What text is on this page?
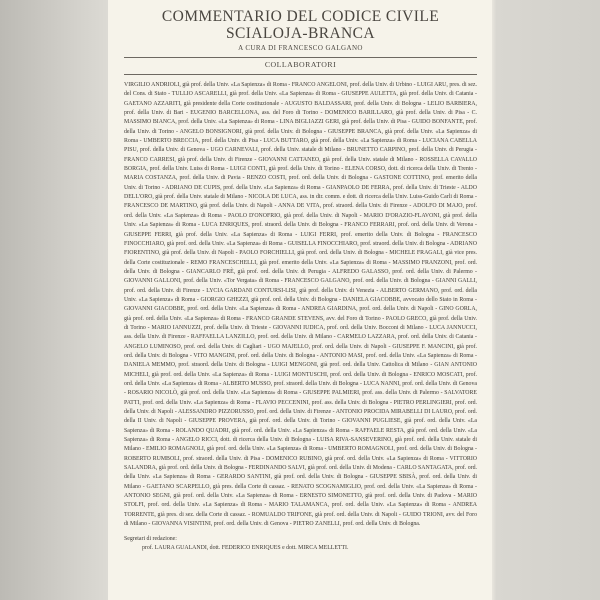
COMMENTARIO DEL CODICE CIVILE
SCIALOJA-BRANCA
A CURA DI FRANCESCO GALGANO
COLLABORATORI

VIRGILIO ANDRIOLI, già prof. della Univ. «La Sapienza» di Roma - FRANCO ANGELONI, prof. della Univ. di Urbino - LUIGI ARU, pres. di sez. del Cons. di Stato - TULLIO ASCARELLI, già prof. della Univ. «La Sapienza» di Roma - GIUSEPPE AULETTA, già prof. della Univ. di Catania - GAETANO AZZARITI, già presidente della Corte costituzionale - AUGUSTO BALDASSARI, prof. della Univ. di Bologna - LELIO BARBIERA, prof. della Univ. di Bari - EUGENIO BARCELLONA, ass. del Foro di Torino - DOMENICO BARILLARO, già prof. della Univ. di Pisa - C. MASSIMO BIANCA, prof. della Univ. «La Sapienza» di Roma - LINA BIGLIAZZI GERI, già prof. della Univ. di Pisa - GUIDO BONFANTE, prof. della Univ. di Torino - ANGELO BONSIGNORI, già prof. della Univ. di Bologna - GIUSEPPE BRANCA, già prof. della Univ. «La Sapienza» di Roma - UMBERTO BRECCIA, prof. della Univ. di Pisa - LUCA BUTTARO, già prof. della Univ. «La Sapienza» di Roma - LUCIANA CABELLA PISU, prof. della Univ. di Genova - UGO CARNEVALI, prof. della Univ. statale di Milano - BRUNETTO CARPINO, prof. della Univ. di Perugia - FRANCO CARRESI, già prof. della Univ. di Firenze - GIOVANNI CATTANEO, già prof. della Univ. statale di Milano - ROSSELLA CAVALLO BORGIA, prof. della Univ. Luiss di Roma - LUIGI CONTI, già prof. della Univ. di Torino - ELENA CORSO, dott. di ricerca della Univ. di Trento - MARIA COSTANZA, prof. della Univ. di Pavia - RENZO COSTI, prof. ord. della Univ. di Bologna - GASTONE COTTINO, prof. emerito della Univ. di Torino - ADRIANO DE CUPIS, prof. della Univ. «La Sapienza» di Roma - GIANPAOLO DE FERRA, prof. della Univ. di Trieste - ALDO DELL'ORO, già prof. della Univ. statale di Milano - NICOLA DE LUCA, ass. in dir. comm. e dott. di ricerca della Univ. Luiss-Guido Carli di Roma - FRANCESCO DE MARTINO, già prof. della Univ. di Napoli - ANNA DE VITA, prof. straord. della Univ. di Firenze - ADOLFO DI MAJO, prof. ord. della Univ. «La Sapienza» di Roma - PAOLO D'ONOFRIO, già prof. della Univ. di Napoli - MARIO D'ORAZIO-FLAVONI, già prof. della Univ. «La Sapienza» di Roma - LUCA ENRIQUES, prof. straord. della Univ. di Bologna - FRANCO FERRARI, prof. ord. della Univ. di Verona - GIUSEPPE FERRI, già prof. della Univ. «La Sapienza» di Roma - LUIGI FERRI, prof. emerito della Univ. di Bologna - FRANCESCO FINOCCHIARO, già prof. ord. della Univ. «La Sapienza» di Roma - GUISELLA FINOCCHIARO, prof. straord. della Univ. di Bologna - ADRIANO FIORENTINO, già prof. della Univ. di Napoli - PAOLO FORCHIELLI, già prof. ord. della Univ. di Bologna - MICHELE FRAGALI, già vice pres. della Corte costituzionale - REMO FRANCESCHELLI, già prof. emerito della Univ. «La Sapienza» di Roma - MASSIMO FRANZONI, prof. ord. della Univ. di Bologna - GIANCARLO FRÈ, già prof. ord. della Univ. di Perugia - ALFREDO GALASSO, prof. ord. della Univ. di Palermo - GIOVANNI GALLONI, prof. della Univ. «Tor Vergata» di Roma - FRANCESCO GALGANO, prof. ord. della Univ. di Bologna - GIANNI GALLI, prof. ord. della Univ. di Firenze - LYCIA GARDANI CONTURSI-LISI, già prof. della Univ. di Venezia - ALBERTO GERMANO, prof. ord. della Univ. «La Sapienza» di Roma - GIORGIO GHEZZI, già prof. ord. della Univ. di Bologna - DANIELA GIACOBBE, avvocato dello Stato in Roma - GIOVANNI GIACOBBE, prof. ord. della Univ. «La Sapienza» di Roma - ANDREA GIARDINA, prof. ord. della Univ. di Napoli - GINO GORLA, già prof. ord. della Univ. «La Sapienza» di Roma - FRANCO GRANDE STEVENS, avv. del Foro di Torino - PAOLO GRECO, già prof. della Univ. di Torino - MARIO IANNUZZI, prof. della Univ. di Trieste - GIOVANNI IUDICA, prof. ord. della Univ. Bocconi di Milano - LUCA JANNUCCI, ass. della Univ. di Firenze - RAFFAELLA LANZILLO, prof. ord. della Univ. di Milano - CARMELO LAZZARA, prof. ord. della Univ. di Catania - ANGELO LUMINOSO, prof. ord. della Univ. di Cagliari - UGO MAJELLO, prof. ord. della Univ. di Napoli - GIUSEPPE F. MANCINI, già prof. ord. della Univ. di Bologna - VITO MANGINI, prof. ord. della Univ. di Bologna - ANTONIO MASI, prof. ord. della Univ. «La Sapienza» di Roma - DANIELA MEMMO, prof. straord. della Univ. di Bologna - LUIGI MENGONI, già prof. ord. della Univ. Cattolica di Milano - GIAN ANTONIO MICHELI, già prof. ord. della Univ. «La Sapienza» di Roma - LUIGI MONTUSCHI, prof. ord. della Univ. di Bologna - ENRICO MOSCATI, prof. ord. della Univ. «La Sapienza» di Roma - ALBERTO MUSSO, prof. straord. della Univ. di Bologna - LUCA NANNI, prof. ord. della Univ. di Genova - ROSARIO NICOLÒ, già prof. ord. della Univ. «La Sapienza» di Roma - GIUSEPPE PALMIERI, prof. ass. della Univ. di Palermo - SALVATORE PATTI, prof. ord. della Univ. «La Sapienza» di Roma - FLAVIO PECCENINI, prof. ass. della Univ. di Bologna - PIETRO PERLINGIERI, prof. ord. della Univ. di Napoli - ALESSANDRO PIZZORUSSO, prof. ord. della Univ. di Firenze - ANTONIO PROCIDA MIRABELLI DI LAURO, prof. ord. della II Univ. di Napoli - GIUSEPPE PROVERA, già prof. ord. della Univ. di Torino - GIOVANNI PUGLIESE, già prof. ord. della Univ. «La Sapienza» di Roma - ROLANDO QUADRI, già prof. ord. della Univ. «La Sapienza» di Roma - RAFFAELE RESTA, già prof. ord. della Univ. «La Sapienza» di Roma - ANGELO RICCI, dott. di ricerca della Univ. di Bologna - LUISA RIVA-SANSEVERINO, già prof. ord. della Univ. statale di Milano - EMILIO ROMAGNOLI, già prof. ord. della Univ. «La Sapienza» di Roma - UMBERTO ROMAGNOLI, prof. ord. della Univ. di Bologna - ROBERTO RUMBOLI, prof. straord. della Univ. di Pisa - DOMENICO RUBINO, già prof. ord. della Univ. «La Sapienza» di Roma - VITTORIO SALANDRA, già prof. ord. della Univ. di Bologna - FERDINANDO SALVI, già prof. ord. della Univ. di Modena - CARLO SANTAGATA, prof. ord. della Univ. «La Sapienza» di Roma - GERARDO SANTINI, già prof. ord. della Univ. di Bologna - GIUSEPPE SBISÀ, prof. ord. della Univ. di Milano - GAETANO SCARPELLO, già pres. della Corte di cassaz. - RENATO SCOGNAMIGLIO, prof. ord. della Univ. «La Sapienza» di Roma - ANTONIO SEGNI, già prof. ord. della Univ. «La Sapienza» di Roma - ERNESTO SIMONETTO, già prof. ord. della Univ. di Padova - MARIO STOLFI, prof. ord. della Univ. «La Sapienza» di Roma - MARIO TALAMANCA, prof. ord. della Univ. «La Sapienza» di Roma - ANDREA TORRENTE, già pres. di sez. della Corte di cassaz. - ROMUALDO TRIFONE, già prof. ord. della Univ. di Napoli - GUIDO TRIONI, avv. del Foro di Milano - GIOVANNA VISINTINI, prof. ord. della Univ. di Genova - PIETRO ZANELLI, prof. ord. della Univ. di Bologna.

Segretari di redazione:
prof. LAURA GUALANDI, dott. FEDERICO ENRIQUES e dott. MIRCA MELLETTI.
